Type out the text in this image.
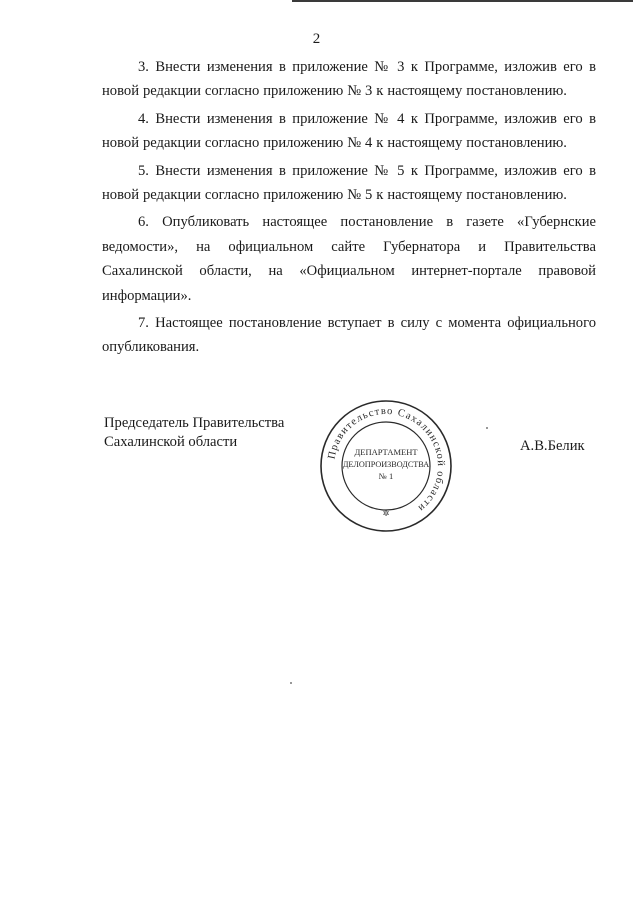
2

3. Внести изменения в приложение № 3 к Программе, изложив его в новой редакции согласно приложению № 3 к настоящему постановлению.

4. Внести изменения в приложение № 4 к Программе, изложив его в новой редакции согласно приложению № 4 к настоящему постановлению.

5. Внести изменения в приложение № 5 к Программе, изложив его в новой редакции согласно приложению № 5 к настоящему постановлению.

6. Опубликовать настоящее постановление в газете «Губернские ведомости», на официальном сайте Губернатора и Правительства Сахалинской области, на «Официальном интернет-портале правовой информации».

7. Настоящее постановление вступает в силу с момента официального опубликования.

Председатель Правительства
Сахалинской области
Правительство Сахалинской области
ДЕПАРТАМЕНТ
ДЕЛОПРОИЗВОДСТВА
№ 1
✲
А.В.Белик
